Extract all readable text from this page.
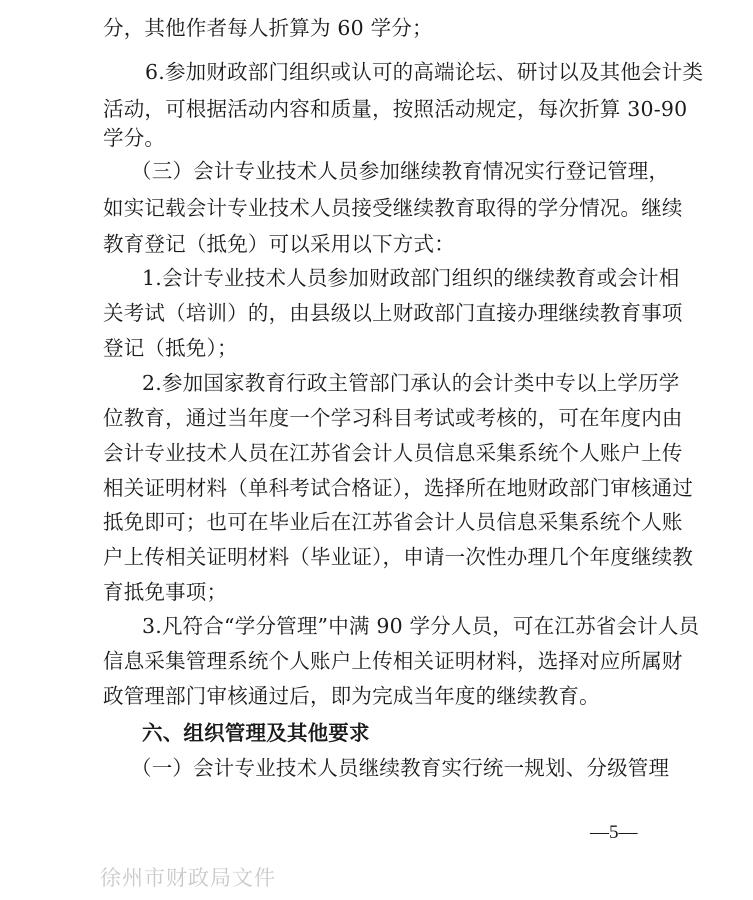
分，其他作者每人折算为 60 学分；
6.参加财政部门组织或认可的高端论坛、研讨以及其他会计类
活动，可根据活动内容和质量，按照活动规定，每次折算 30-90
学分。
（三）会计专业技术人员参加继续教育情况实行登记管理，
如实记载会计专业技术人员接受继续教育取得的学分情况。继续
教育登记（抵免）可以采用以下方式：
1.会计专业技术人员参加财政部门组织的继续教育或会计相
关考试（培训）的，由县级以上财政部门直接办理继续教育事项
登记（抵免）；
2.参加国家教育行政主管部门承认的会计类中专以上学历学
位教育，通过当年度一个学习科目考试或考核的，可在年度内由
会计专业技术人员在江苏省会计人员信息采集系统个人账户上传
相关证明材料（单科考试合格证），选择所在地财政部门审核通过
抵免即可；也可在毕业后在江苏省会计人员信息采集系统个人账
户上传相关证明材料（毕业证），申请一次性办理几个年度继续教
育抵免事项；
3.凡符合“学分管理”中满 90 学分人员，可在江苏省会计人员
信息采集管理系统个人账户上传相关证明材料，选择对应所属财
政管理部门审核通过后，即为完成当年度的继续教育。
六、组织管理及其他要求
（一）会计专业技术人员继续教育实行统一规划、分级管理
—5—
徐州市财政局文件
